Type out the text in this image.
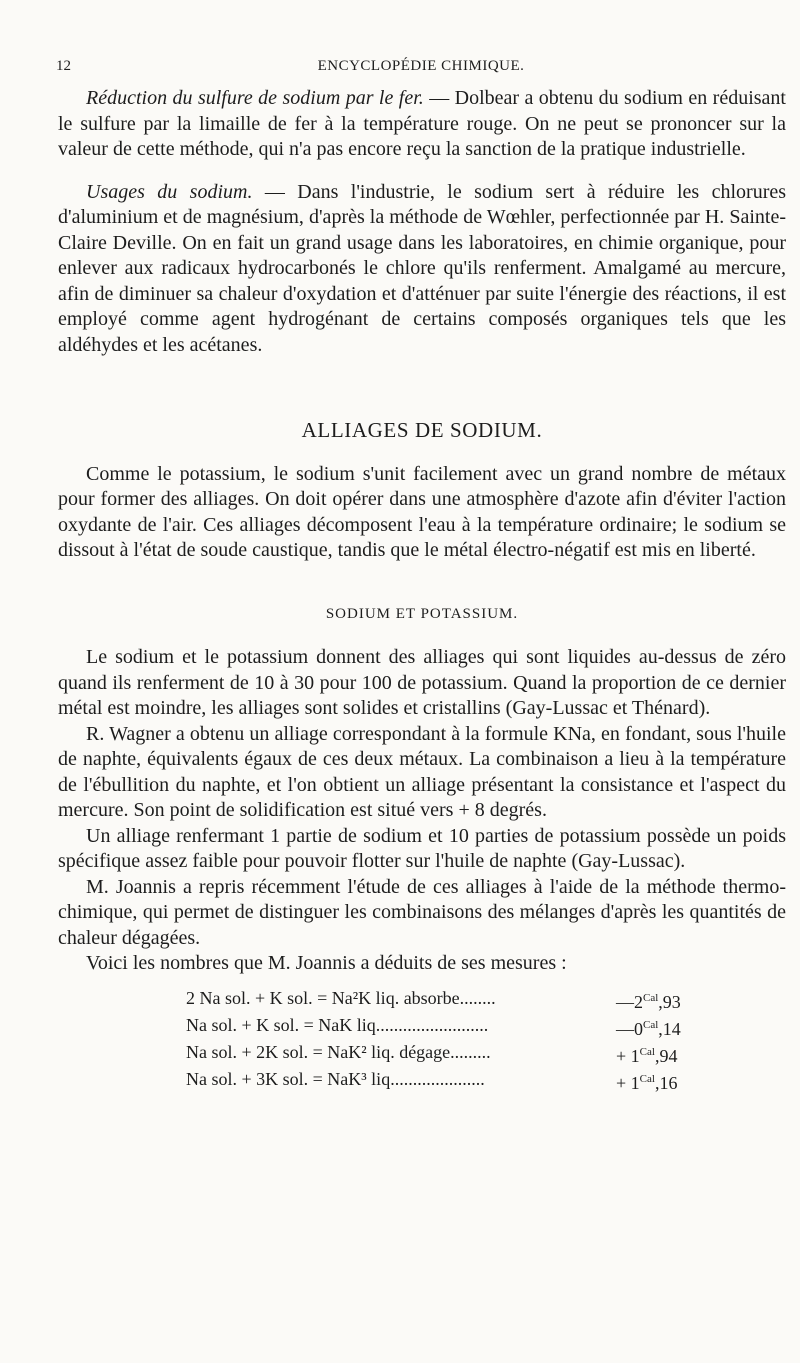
12	ENCYCLOPÉDIE CHIMIQUE.

Réduction du sulfure de sodium par le fer. — Dolbear a obtenu du sodium en réduisant le sulfure par la limaille de fer à la température rouge. On ne peut se prononcer sur la valeur de cette méthode, qui n'a pas encore reçu la sanction de la pratique industrielle.

Usages du sodium. — Dans l'industrie, le sodium sert à réduire les chlorures d'aluminium et de magnésium, d'après la méthode de Wœhler, perfectionnée par H. Sainte-Claire Deville. On en fait un grand usage dans les laboratoires, en chimie organique, pour enlever aux radicaux hydrocarbonés le chlore qu'ils renferment. Amalgamé au mercure, afin de diminuer sa chaleur d'oxydation et d'atténuer par suite l'énergie des réactions, il est employé comme agent hydrogénant de certains composés organiques tels que les aldéhydes et les acétanes.

ALLIAGES DE SODIUM.

Comme le potassium, le sodium s'unit facilement avec un grand nombre de métaux pour former des alliages. On doit opérer dans une atmosphère d'azote afin d'éviter l'action oxydante de l'air. Ces alliages décomposent l'eau à la température ordinaire; le sodium se dissout à l'état de soude caustique, tandis que le métal électro-négatif est mis en liberté.

SODIUM ET POTASSIUM.

Le sodium et le potassium donnent des alliages qui sont liquides au-dessus de zéro quand ils renferment de 10 à 30 pour 100 de potassium. Quand la proportion de ce dernier métal est moindre, les alliages sont solides et cristallins (Gay-Lussac et Thénard).

R. Wagner a obtenu un alliage correspondant à la formule KNa, en fondant, sous l'huile de naphte, équivalents égaux de ces deux métaux. La combinaison a lieu à la température de l'ébullition du naphte, et l'on obtient un alliage présentant la consistance et l'aspect du mercure. Son point de solidification est situé vers + 8 degrés.

Un alliage renfermant 1 partie de sodium et 10 parties de potassium possède un poids spécifique assez faible pour pouvoir flotter sur l'huile de naphte (Gay-Lussac).

M. Joannis a repris récemment l'étude de ces alliages à l'aide de la méthode thermo-chimique, qui permet de distinguer les combinaisons des mélanges d'après les quantités de chaleur dégagées.

Voici les nombres que M. Joannis a déduits de ses mesures :

2 Na sol. + K sol. = Na²K liq. absorbe........	$—2^{Cal},93$
Na sol. + K sol. = NaK liq.........................	$—0^{Cal},14$
Na sol. + 2K sol. = NaK² liq. dégage.........	+ $1^{Cal},94$
Na sol. + 3K sol. = NaK³ liq.....................	+ $1^{Cal},16$
